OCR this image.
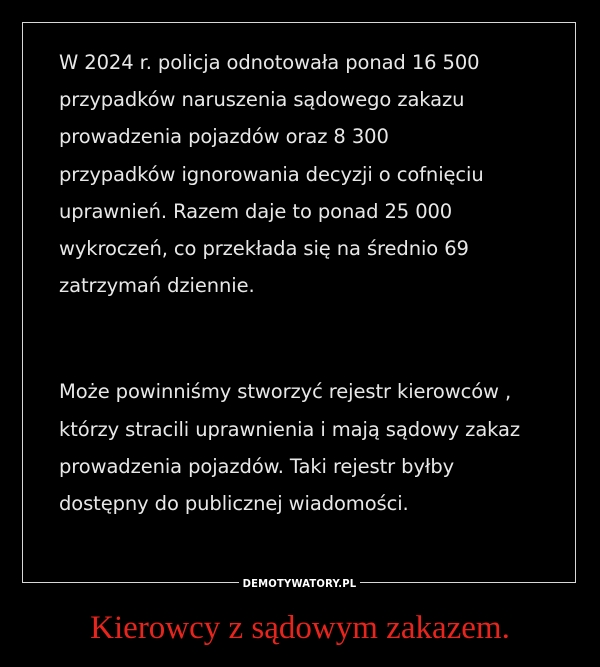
W 2024 r. policja odnotowała ponad 16 500
przypadków naruszenia sądowego zakazu
prowadzenia pojazdów oraz 8 300
przypadków ignorowania decyzji o cofnięciu
uprawnień. Razem daje to ponad 25 000
wykroczeń, co przekłada się na średnio 69
zatrzymań dziennie.
Może powinniśmy stworzyć rejestr kierowców ,
którzy stracili uprawnienia i mają sądowy zakaz
prowadzenia pojazdów. Taki rejestr byłby
dostępny do publicznej wiadomości.
DEMOTYWATORY.PL
Kierowcy z sądowym zakazem.
